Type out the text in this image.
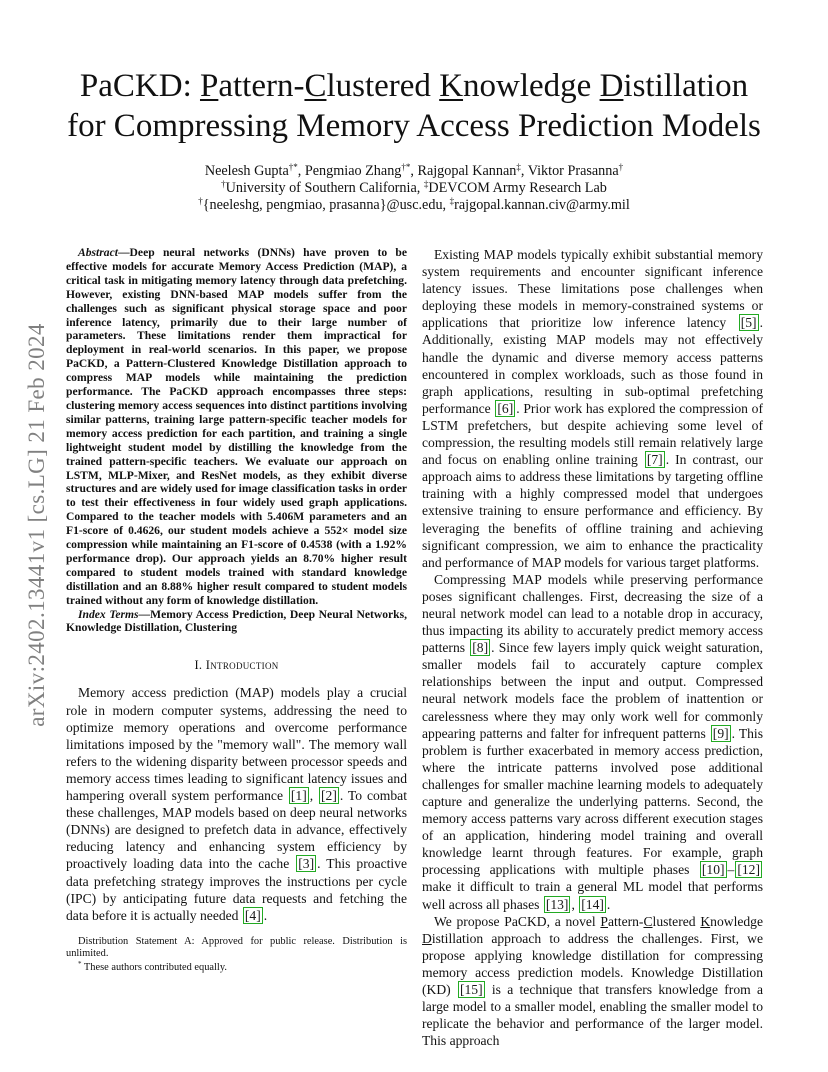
arXiv:2402.13441v1 [cs.LG] 21 Feb 2024
PaCKD: Pattern-Clustered Knowledge Distillation
for Compressing Memory Access Prediction Models
Neelesh Gupta†*, Pengmiao Zhang†*, Rajgopal Kannan‡, Viktor Prasanna†
†University of Southern California, ‡DEVCOM Army Research Lab
†{neeleshg, pengmiao, prasanna}@usc.edu, ‡rajgopal.kannan.civ@army.mil

Abstract—Deep neural networks (DNNs) have proven to be effective models for accurate Memory Access Prediction (MAP), a critical task in mitigating memory latency through data prefetching. However, existing DNN-based MAP models suffer from the challenges such as significant physical storage space and poor inference latency, primarily due to their large number of parameters. These limitations render them impractical for deployment in real-world scenarios. In this paper, we propose PaCKD, a Pattern-Clustered Knowledge Distillation approach to compress MAP models while maintaining the prediction performance. The PaCKD approach encompasses three steps: clustering memory access sequences into distinct partitions involving similar patterns, training large pattern-specific teacher models for memory access prediction for each partition, and training a single lightweight student model by distilling the knowledge from the trained pattern-specific teachers. We evaluate our approach on LSTM, MLP-Mixer, and ResNet models, as they exhibit diverse structures and are widely used for image classification tasks in order to test their effectiveness in four widely used graph applications. Compared to the teacher models with 5.406M parameters and an F1-score of 0.4626, our student models achieve a 552× model size compression while maintaining an F1-score of 0.4538 (with a 1.92% performance drop). Our approach yields an 8.70% higher result compared to student models trained with standard knowledge distillation and an 8.88% higher result compared to student models trained without any form of knowledge distillation.

Index Terms—Memory Access Prediction, Deep Neural Networks, Knowledge Distillation, Clustering

I. Introduction

Memory access prediction (MAP) models play a crucial role in modern computer systems, addressing the need to optimize memory operations and overcome performance limitations imposed by the "memory wall". The memory wall refers to the widening disparity between processor speeds and memory access times leading to significant latency issues and hampering overall system performance [1] , [2] . To combat these challenges, MAP models based on deep neural networks (DNNs) are designed to prefetch data in advance, effectively reducing latency and enhancing system efficiency by proactively loading data into the cache [3] . This proactive data prefetching strategy improves the instructions per cycle (IPC) by anticipating future data requests and fetching the data before it is actually needed [4] .

Distribution Statement A: Approved for public release. Distribution is unlimited.

* These authors contributed equally.

Existing MAP models typically exhibit substantial memory system requirements and encounter significant inference latency issues. These limitations pose challenges when deploying these models in memory-constrained systems or applications that prioritize low inference latency [5] . Additionally, existing MAP models may not effectively handle the dynamic and diverse memory access patterns encountered in complex workloads, such as those found in graph applications, resulting in sub-optimal prefetching performance [6] . Prior work has explored the compression of LSTM prefetchers, but despite achieving some level of compression, the resulting models still remain relatively large and focus on enabling online training [7] . In contrast, our approach aims to address these limitations by targeting offline training with a highly compressed model that undergoes extensive training to ensure performance and efficiency. By leveraging the benefits of offline training and achieving significant compression, we aim to enhance the practicality and performance of MAP models for various target platforms.

Compressing MAP models while preserving performance poses significant challenges. First, decreasing the size of a neural network model can lead to a notable drop in accuracy, thus impacting its ability to accurately predict memory access patterns [8] . Since few layers imply quick weight saturation, smaller models fail to accurately capture complex relationships between the input and output. Compressed neural network models face the problem of inattention or carelessness where they may only work well for commonly appearing patterns and falter for infrequent patterns [9] . This problem is further exacerbated in memory access prediction, where the intricate patterns involved pose additional challenges for smaller machine learning models to adequately capture and generalize the underlying patterns. Second, the memory access patterns vary across different execution stages of an application, hindering model training and overall knowledge learnt through features. For example, graph processing applications with multiple phases [10] – [12] make it difficult to train a general ML model that performs well across all phases [13] , [14] .

We propose PaCKD, a novel Pattern-Clustered Knowledge Distillation approach to address the challenges. First, we propose applying knowledge distillation for compressing memory access prediction models. Knowledge Distillation (KD) [15] is a technique that transfers knowledge from a large model to a smaller model, enabling the smaller model to replicate the behavior and performance of the larger model. This approach
